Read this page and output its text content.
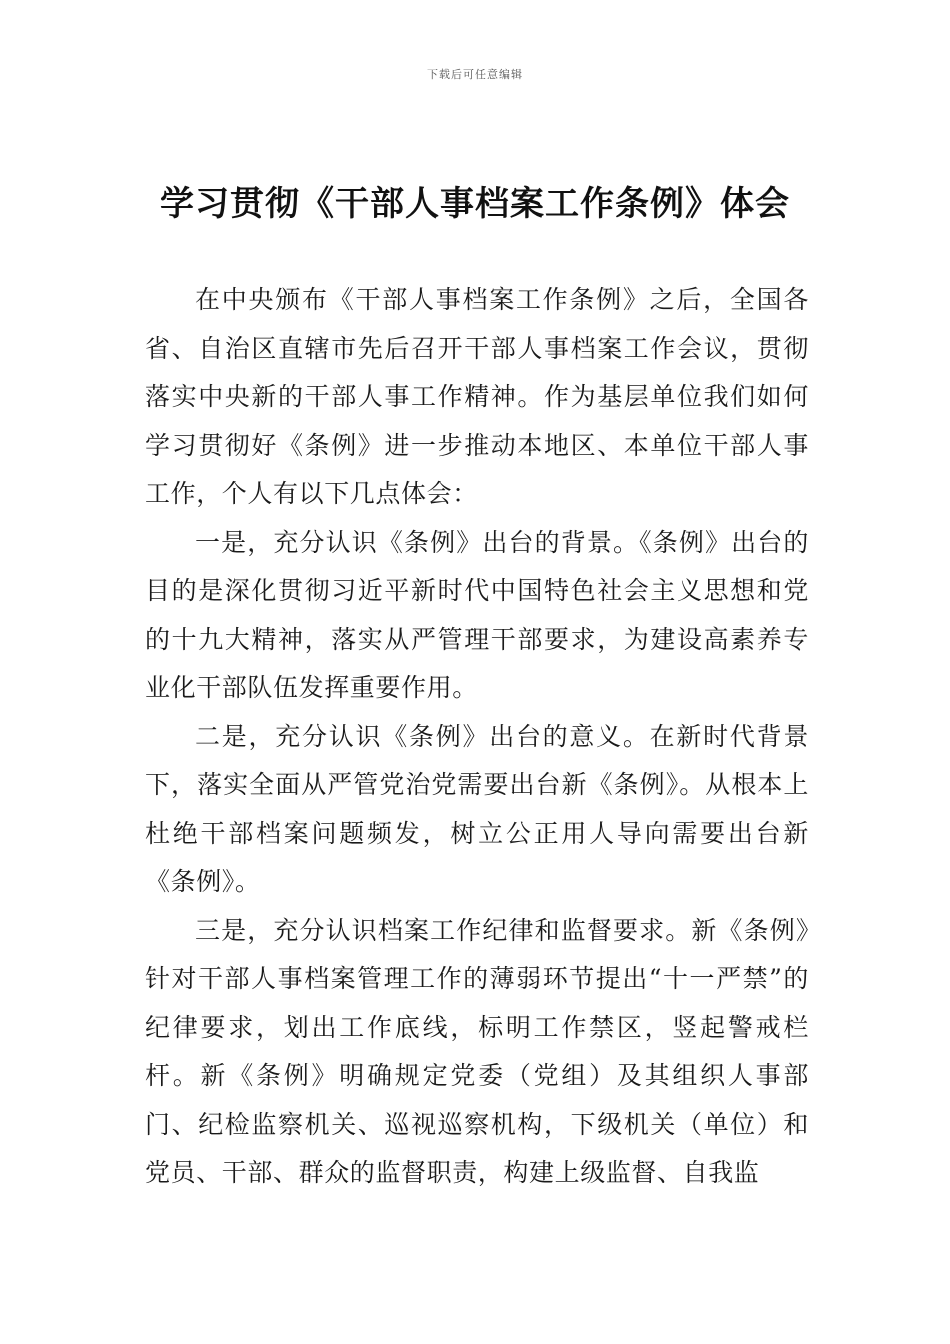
下载后可任意编辑
学习贯彻《干部人事档案工作条例》体会

在中央颁布《干部人事档案工作条例》之后，全国各省、自治区直辖市先后召开干部人事档案工作会议，贯彻落实中央新的干部人事工作精神。作为基层单位我们如何学习贯彻好《条例》进一步推动本地区、本单位干部人事工作，个人有以下几点体会：

一是，充分认识《条例》出台的背景。《条例》出台的目的是深化贯彻习近平新时代中国特色社会主义思想和党的十九大精神，落实从严管理干部要求，为建设高素养专业化干部队伍发挥重要作用。

二是，充分认识《条例》出台的意义。在新时代背景下，落实全面从严管党治党需要出台新《条例》。从根本上杜绝干部档案问题频发，树立公正用人导向需要出台新《条例》。

三是，充分认识档案工作纪律和监督要求。新《条例》针对干部人事档案管理工作的薄弱环节提出“十一严禁”的纪律要求，划出工作底线，标明工作禁区，竖起警戒栏杆。新《条例》明确规定党委（党组）及其组织人事部门、纪检监察机关、巡视巡察机构，下级机关（单位）和党员、干部、群众的监督职责，构建上级监督、自我监
